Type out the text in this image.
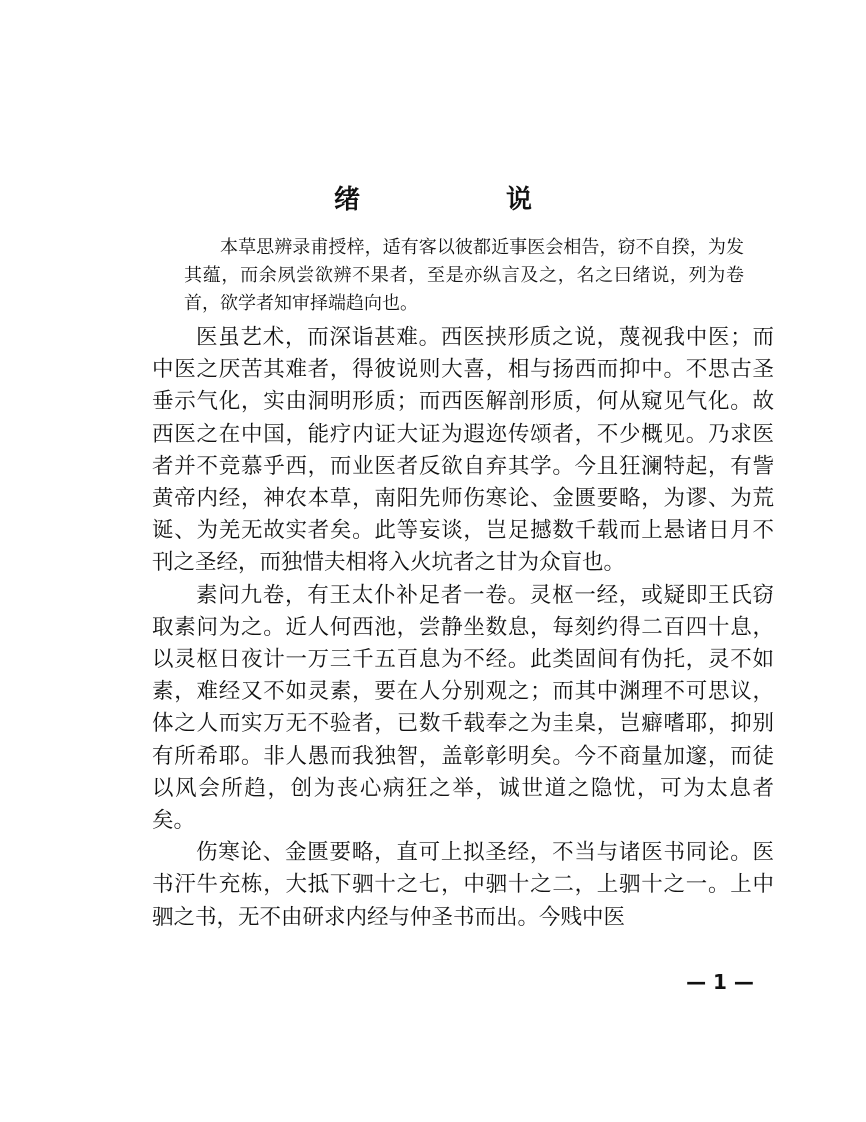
绪　说

本草思辨录甫授梓，适有客以彼都近事医会相告，窃不自揆，为发其蕴，而余夙尝欲辨不果者，至是亦纵言及之，名之曰绪说，列为卷首，欲学者知审择端趋向也。

医虽艺术，而深诣甚难。西医挟形质之说，蔑视我中医；而中医之厌苦其难者，得彼说则大喜，相与扬西而抑中。不思古圣垂示气化，实由洞明形质；而西医解剖形质，何从窥见气化。故西医之在中国，能疗内证大证为遐迩传颂者，不少概见。乃求医者并不竞慕乎西，而业医者反欲自弃其学。今且狂澜特起，有訾黄帝内经，神农本草，南阳先师伤寒论、金匮要略，为谬、为荒诞、为羌无故实者矣。此等妄谈，岂足撼数千载而上悬诸日月不刊之圣经，而独惜夫相将入火坑者之甘为众盲也。

素问九卷，有王太仆补足者一卷。灵枢一经，或疑即王氏窃取素问为之。近人何西池，尝静坐数息，每刻约得二百四十息，以灵枢日夜计一万三千五百息为不经。此类固间有伪托，灵不如素，难经又不如灵素，要在人分别观之；而其中渊理不可思议，体之人而实万无不验者，已数千载奉之为圭臬，岂癖嗜耶，抑别有所希耶。非人愚而我独智，盖彰彰明矣。今不商量加邃，而徒以风会所趋，创为丧心病狂之举，诚世道之隐忧，可为太息者矣。

伤寒论、金匮要略，直可上拟圣经，不当与诸医书同论。医书汗牛充栋，大抵下驷十之七，中驷十之二，上驷十之一。上中驷之书，无不由研求内经与仲圣书而出。今贱中医

— 1 —
